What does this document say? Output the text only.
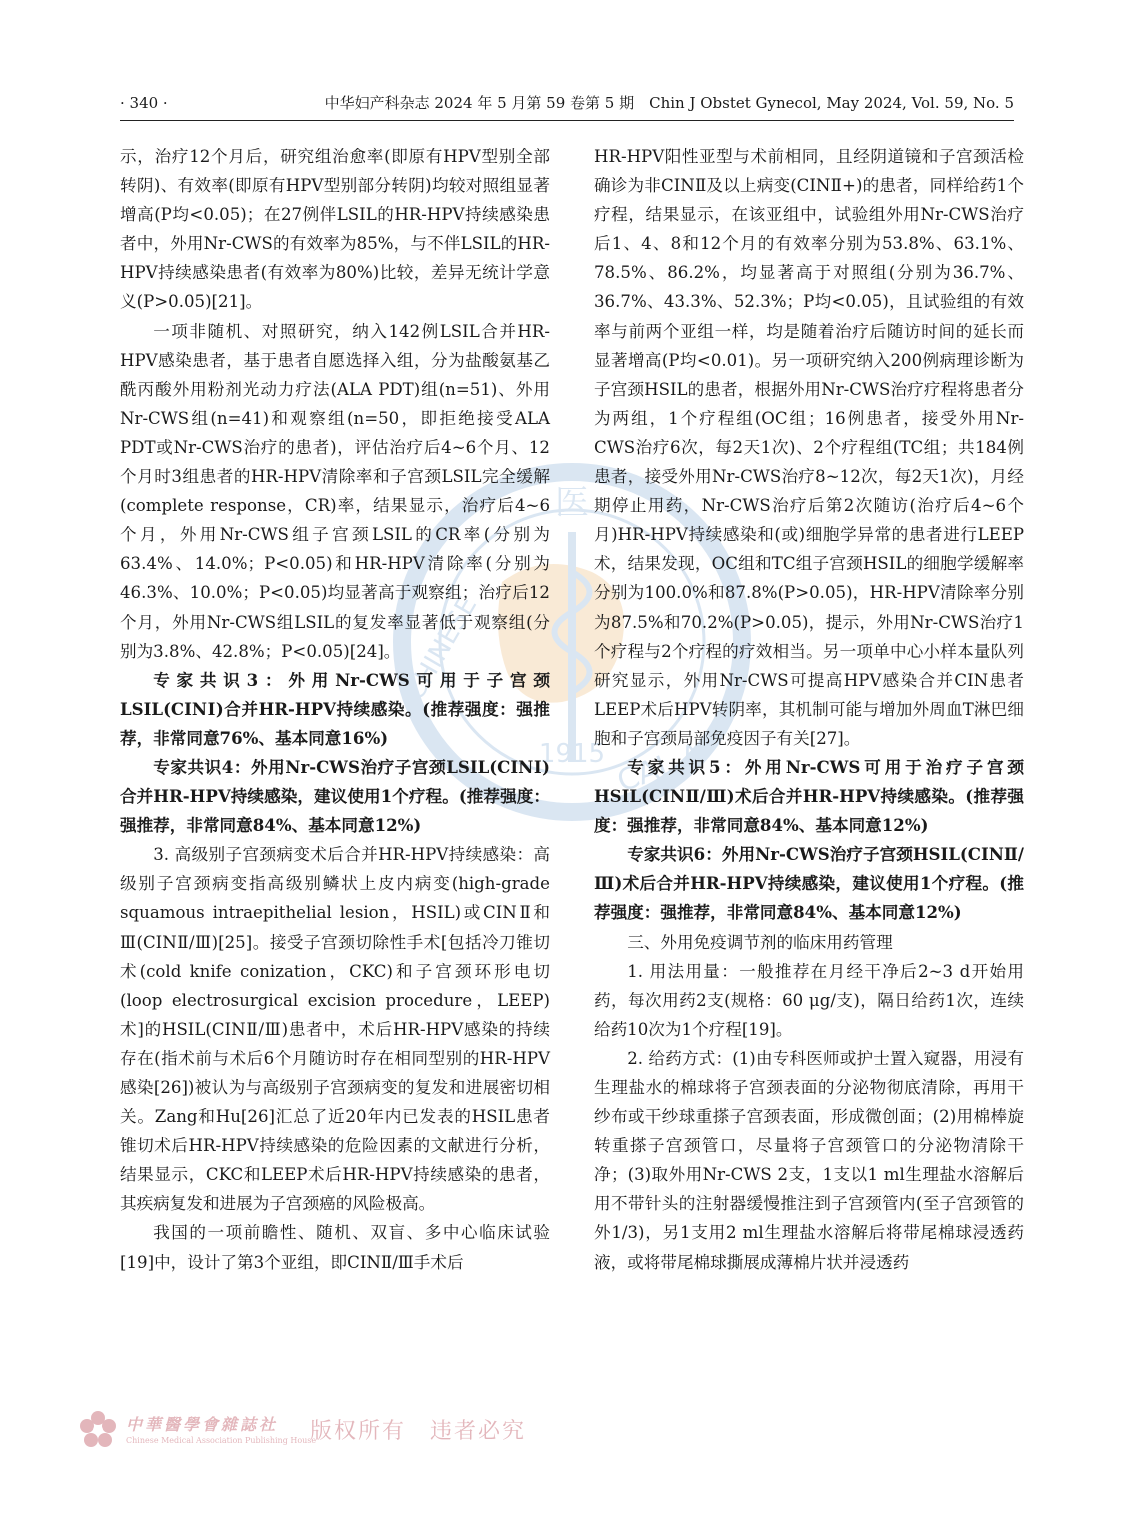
· 340 ·	中华妇产科杂志 2024 年 5 月第 59 卷第 5 期　Chin J Obstet Gynecol, May 2024, Vol. 59, No. 5
医
CHINESE
CAL A
1915

示，治疗12个月后，研究组治愈率(即原有HPV型别全部转阴)、有效率(即原有HPV型别部分转阴)均较对照组显著增高(P均<0.05)；在27例伴LSIL的HR-HPV持续感染患者中，外用Nr-CWS的有效率为85%，与不伴LSIL的HR-HPV持续感染患者(有效率为80%)比较，差异无统计学意义(P>0.05)[21]。

一项非随机、对照研究，纳入142例LSIL合并HR-HPV感染患者，基于患者自愿选择入组，分为盐酸氨基乙酰丙酸外用粉剂光动力疗法(ALA PDT)组(n=51)、外用Nr-CWS组(n=41)和观察组(n=50，即拒绝接受ALA PDT或Nr-CWS治疗的患者)，评估治疗后4~6个月、12个月时3组患者的HR-HPV清除率和子宫颈LSIL完全缓解(complete response，CR)率，结果显示，治疗后4~6个月，外用Nr-CWS组子宫颈LSIL的CR率(分别为63.4%、14.0%；P<0.05)和HR-HPV清除率(分别为46.3%、10.0%；P<0.05)均显著高于观察组；治疗后12个月，外用Nr-CWS组LSIL的复发率显著低于观察组(分别为3.8%、42.8%；P<0.05)[24]。

专家共识3：外用Nr-CWS可用于子宫颈LSIL(CINⅠ)合并HR-HPV持续感染。(推荐强度：强推荐，非常同意76%、基本同意16%)

专家共识4：外用Nr-CWS治疗子宫颈LSIL(CINⅠ)合并HR-HPV持续感染，建议使用1个疗程。(推荐强度：强推荐，非常同意84%、基本同意12%)

3. 高级别子宫颈病变术后合并HR-HPV持续感染：高级别子宫颈病变指高级别鳞状上皮内病变(high-grade squamous intraepithelial lesion，HSIL)或CINⅡ和Ⅲ(CINⅡ/Ⅲ)[25]。接受子宫颈切除性手术[包括冷刀锥切术(cold knife conization，CKC)和子宫颈环形电切(loop electrosurgical excision procedure，LEEP)术]的HSIL(CINⅡ/Ⅲ)患者中，术后HR-HPV感染的持续存在(指术前与术后6个月随访时存在相同型别的HR-HPV感染[26])被认为与高级别子宫颈病变的复发和进展密切相关。Zang和Hu[26]汇总了近20年内已发表的HSIL患者锥切术后HR-HPV持续感染的危险因素的文献进行分析，结果显示，CKC和LEEP术后HR-HPV持续感染的患者，其疾病复发和进展为子宫颈癌的风险极高。

我国的一项前瞻性、随机、双盲、多中心临床试验[19]中，设计了第3个亚组，即CINⅡ/Ⅲ手术后

HR-HPV阳性亚型与术前相同，且经阴道镜和子宫颈活检确诊为非CINⅡ及以上病变(CINⅡ+)的患者，同样给药1个疗程，结果显示，在该亚组中，试验组外用Nr-CWS治疗后1、4、8和12个月的有效率分别为53.8%、63.1%、78.5%、86.2%，均显著高于对照组(分别为36.7%、36.7%、43.3%、52.3%；P均<0.05)，且试验组的有效率与前两个亚组一样，均是随着治疗后随访时间的延长而显著增高(P均<0.01)。另一项研究纳入200例病理诊断为子宫颈HSIL的患者，根据外用Nr-CWS治疗疗程将患者分为两组，1个疗程组(OC组；16例患者，接受外用Nr-CWS治疗6次，每2天1次)、2个疗程组(TC组；共184例患者，接受外用Nr-CWS治疗8~12次，每2天1次)，月经期停止用药，Nr-CWS治疗后第2次随访(治疗后4~6个月)HR-HPV持续感染和(或)细胞学异常的患者进行LEEP术，结果发现，OC组和TC组子宫颈HSIL的细胞学缓解率分别为100.0%和87.8%(P>0.05)，HR-HPV清除率分别为87.5%和70.2%(P>0.05)，提示，外用Nr-CWS治疗1个疗程与2个疗程的疗效相当。另一项单中心小样本量队列研究显示，外用Nr-CWS可提高HPV感染合并CIN患者LEEP术后HPV转阴率，其机制可能与增加外周血T淋巴细胞和子宫颈局部免疫因子有关[27]。

专家共识5：外用Nr-CWS可用于治疗子宫颈HSIL(CINⅡ/Ⅲ)术后合并HR-HPV持续感染。(推荐强度：强推荐，非常同意84%、基本同意12%)

专家共识6：外用Nr-CWS治疗子宫颈HSIL(CINⅡ/Ⅲ)术后合并HR-HPV持续感染，建议使用1个疗程。(推荐强度：强推荐，非常同意84%、基本同意12%)

三、外用免疫调节剂的临床用药管理

1. 用法用量：一般推荐在月经干净后2~3 d开始用药，每次用药2支(规格：60 μg/支)，隔日给药1次，连续给药10次为1个疗程[19]。

2. 给药方式：(1)由专科医师或护士置入窥器，用浸有生理盐水的棉球将子宫颈表面的分泌物彻底清除，再用干纱布或干纱球重搽子宫颈表面，形成微创面；(2)用棉棒旋转重搽子宫颈管口，尽量将子宫颈管口的分泌物清除干净；(3)取外用Nr-CWS 2支，1支以1 ml生理盐水溶解后用不带针头的注射器缓慢推注到子宫颈管内(至子宫颈管的外1/3)，另1支用2 ml生理盐水溶解后将带尾棉球浸透药液，或将带尾棉球撕展成薄棉片状并浸透药

中華醫學會雜誌社
Chinese Medical Association Publishing House
版权所有　违者必究
